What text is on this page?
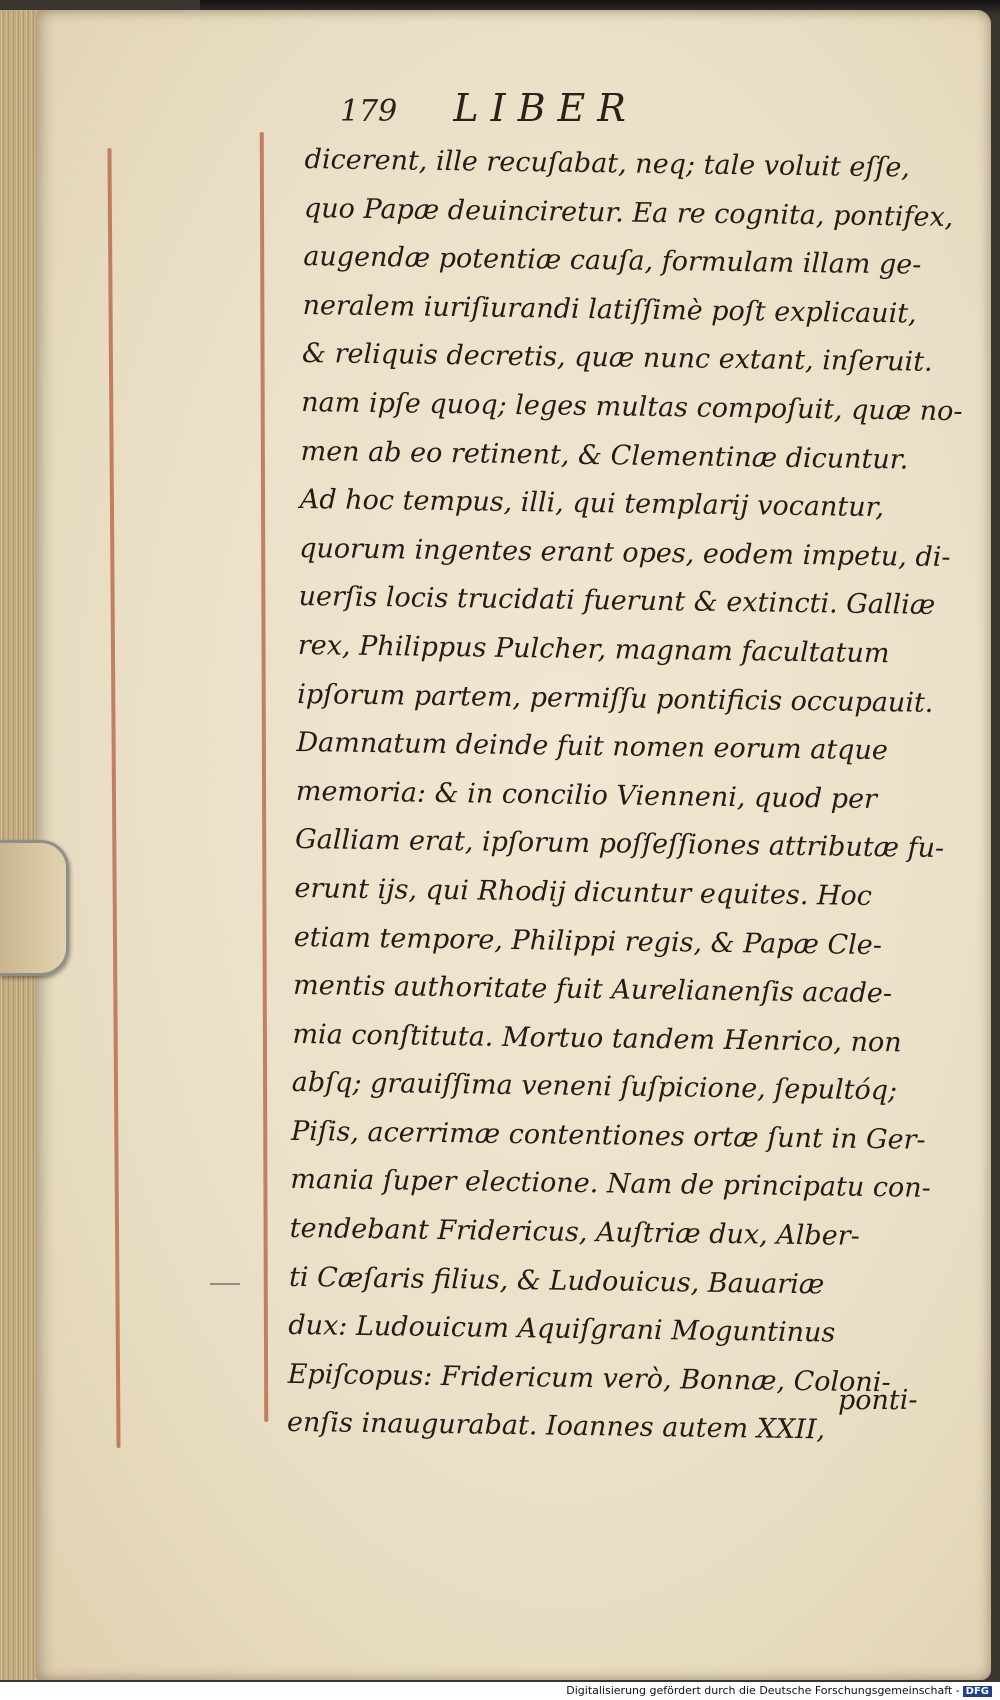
179 LIBER
dicerent, ille recuſabat, neq; tale voluit eſſe,
quo Papæ deuinciretur. Ea re cognita, pontifex,
augendæ potentiæ cauſa, formulam illam ge-
neralem iuriſiurandi latiſſimè poſt explicauit,
& reliquis decretis, quæ nunc extant, inſeruit.
nam ipſe quoq; leges multas compoſuit, quæ no-
men ab eo retinent, & Clementinæ dicuntur.
Ad hoc tempus, illi, qui templarij vocantur,
quorum ingentes erant opes, eodem impetu, di-
uerſis locis trucidati fuerunt & extincti. Galliæ
rex, Philippus Pulcher, magnam facultatum
ipſorum partem, permiſſu pontificis occupauit.
Damnatum deinde fuit nomen eorum atque
memoria: & in concilio Vienneni, quod per
Galliam erat, ipſorum poſſeſſiones attributæ fu-
erunt ijs, qui Rhodij dicuntur equites. Hoc
etiam tempore, Philippi regis, & Papæ Cle-
mentis authoritate fuit Aurelianenſis acade-
mia conſtituta. Mortuo tandem Henrico, non
abſq; grauiſſima veneni ſuſpicione, ſepultóq;
Piſis, acerrimæ contentiones ortæ ſunt in Ger-
mania ſuper electione. Nam de principatu con-
tendebant Fridericus, Auſtriæ dux, Alber-
ti Cæſaris filius, & Ludouicus, Bauariæ
dux: Ludouicum Aquiſgrani Moguntinus
Epiſcopus: Fridericum verò, Bonnæ, Coloni-
enſis inaugurabat. Ioannes autem XXII,
ponti-
Digitalisierung gefördert durch die Deutsche Forschungsgemeinschaft - DFG
